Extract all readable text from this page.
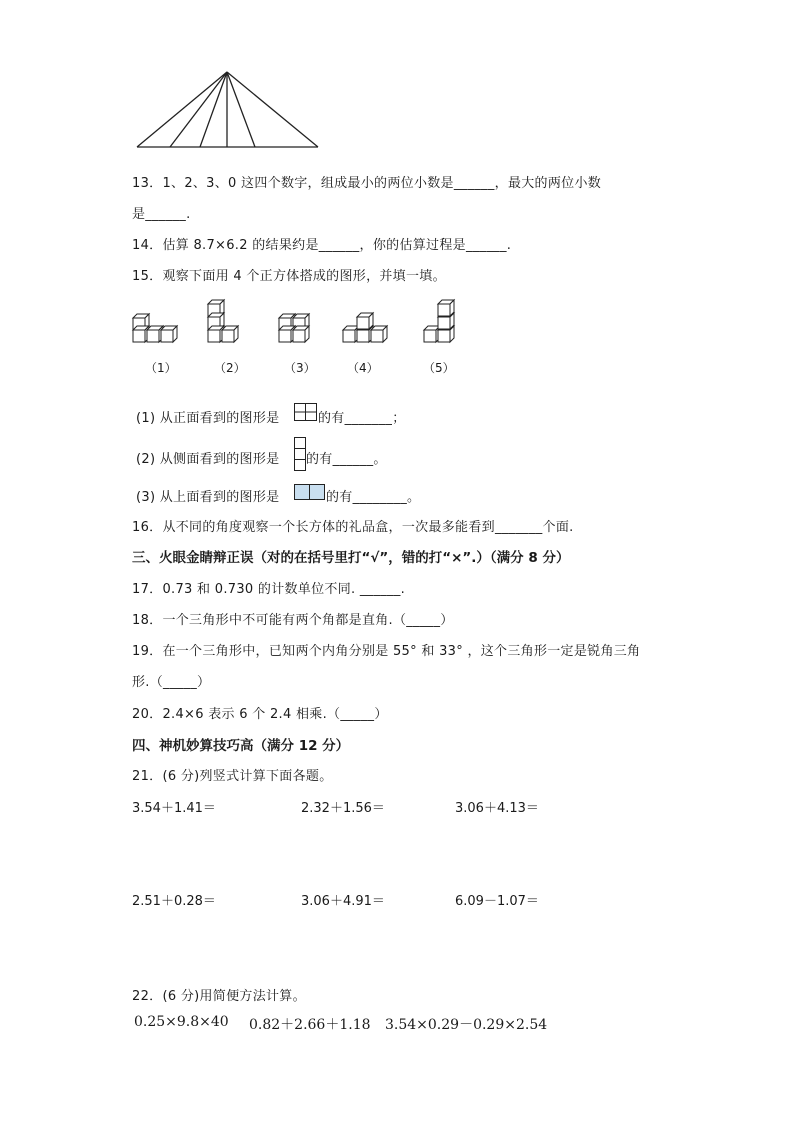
13．1、2、3、0 这四个数字，组成最小的两位小数是______，最大的两位小数
是______.
14．估算 8.7×6.2 的结果约是______，你的估算过程是______.
15．观察下面用 4 个正方体搭成的图形，并填一填。
（1）	（2）	（3）	（4）	（5）
(1) 从正面看到的图形是	的有_______；
(2) 从侧面看到的图形是 的有______。
(3) 从上面看到的图形是	的有________。
16．从不同的角度观察一个长方体的礼品盒，一次最多能看到_______个面.
三、火眼金睛辩正误（对的在括号里打“√”，错的打“×”.）（满分 8 分）
17．0.73 和 0.730 的计数单位不同. ______.
18．一个三角形中不可能有两个角都是直角.（_____）
19．在一个三角形中，已知两个内角分别是 55° 和 33° ，这个三角形一定是锐角三角
形.（_____）
20．2.4×6 表示 6 个 2.4 相乘.（_____）
四、神机妙算技巧高（满分 12 分）
21．(6 分)列竖式计算下面各题。
3.54＋1.41＝	2.32＋1.56＝	3.06＋4.13＝
2.51＋0.28＝	3.06＋4.91＝	6.09－1.07＝
22．(6 分)用简便方法计算。
0.25×9.8×40 0.82＋2.66＋1.18 3.54×0.29－0.29×2.54
